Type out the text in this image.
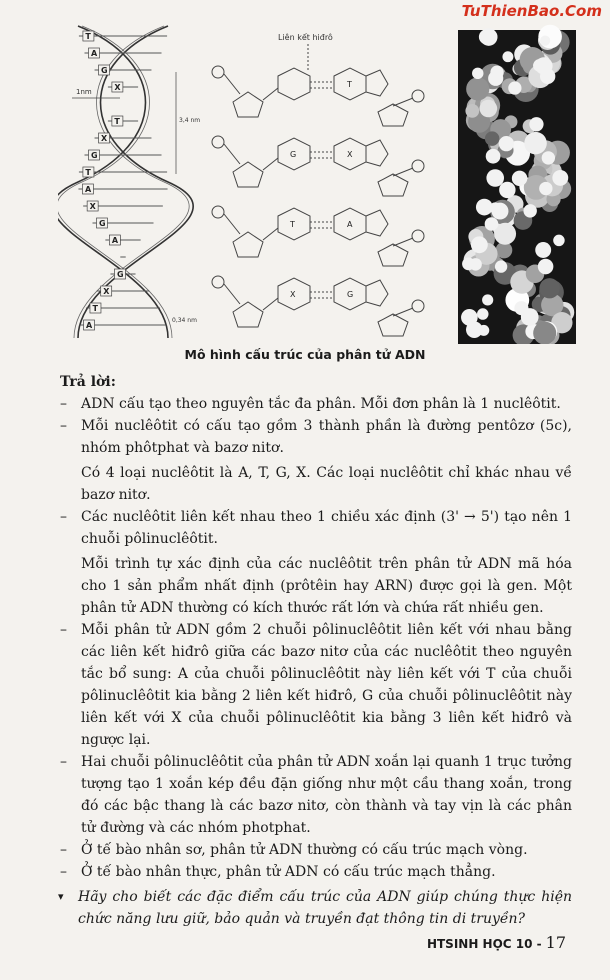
TuThienBao.Com
T
A
G
X
T
X
G
T
A
X
G
A
G
X
T
A
1nm
3,4 nm
0,34 nm
Liên kết hiđrô
G
T
X
T
X
A
G
Mô hình cấu trúc của phân tử ADN
Trả lời:

– ADN cấu tạo theo nguyên tắc đa phân. Mỗi đơn phân là 1 nuclêôtit.

– Mỗi nuclêôtit có cấu tạo gồm 3 thành phần là đường pentôzơ (5c), nhóm phôtphat và bazơ nitơ.

Có 4 loại nuclêôtit là A, T, G, X. Các loại nuclêôtit chỉ khác nhau về bazơ nitơ.

– Các nuclêôtit liên kết nhau theo 1 chiều xác định (3' → 5') tạo nên 1 chuỗi pôlinuclêôtit.

Mỗi trình tự xác định của các nuclêôtit trên phân tử ADN mã hóa cho 1 sản phẩm nhất định (prôtêin hay ARN) được gọi là gen. Một phân tử ADN thường có kích thước rất lớn và chứa rất nhiều gen.

– Mỗi phân tử ADN gồm 2 chuỗi pôlinuclêôtit liên kết với nhau bằng các liên kết hiđrô giữa các bazơ nitơ của các nuclêôtit theo nguyên tắc bổ sung: A của chuỗi pôlinuclêôtit này liên kết với T của chuỗi pôlinuclêôtit kia bằng 2 liên kết hiđrô, G của chuỗi pôlinuclêôtit này liên kết với X của chuỗi pôlinuclêôtit kia bằng 3 liên kết hiđrô và ngược lại.

– Hai chuỗi pôlinuclêôtit của phân tử ADN xoắn lại quanh 1 trục tưởng tượng tạo 1 xoắn kép đều đặn giống như một cầu thang xoắn, trong đó các bậc thang là các bazơ nitơ, còn thành và tay vịn là các phân tử đường và các nhóm photphat.

– Ở tế bào nhân sơ, phân tử ADN thường có cấu trúc mạch vòng.

– Ở tế bào nhân thực, phân tử ADN có cấu trúc mạch thẳng.

▾ Hãy cho biết các đặc điểm cấu trúc của ADN giúp chúng thực hiện chức năng lưu giữ, bảo quản và truyền đạt thông tin di truyền?
HTSINH HỌC 10 - 17
